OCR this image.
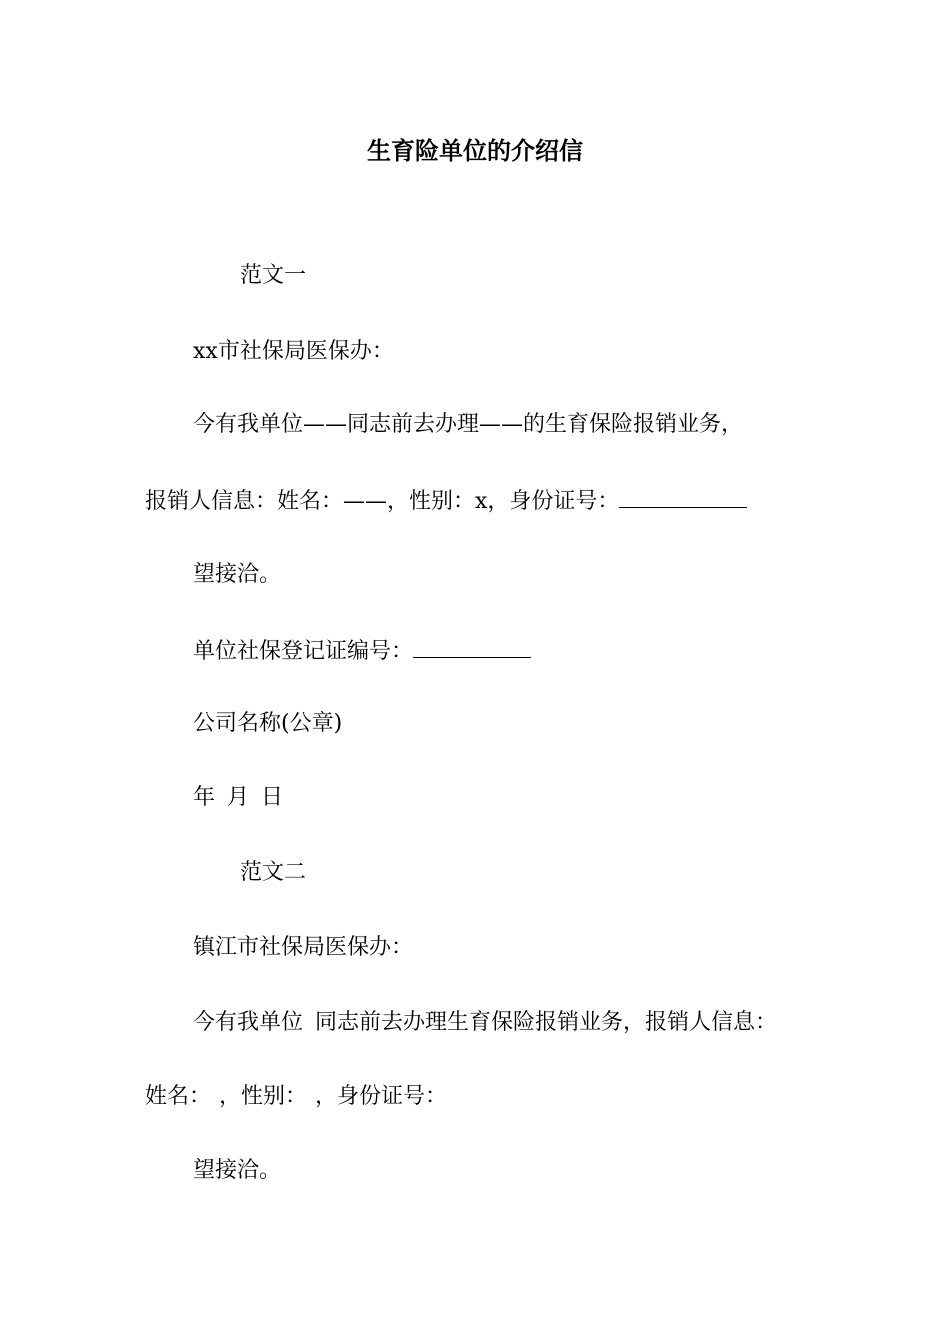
生育险单位的介绍信

范文一

xx市社保局医保办：

今有我单位——同志前去办理——的生育保险报销业务，

报销人信息：姓名：——，性别：x，身份证号：

望接洽。

单位社保登记证编号：

公司名称(公章)

年 月 日

范文二

镇江市社保局医保办：

今有我单位 同志前去办理生育保险报销业务，报销人信息：

姓名： ，性别： ，身份证号：

望接洽。
